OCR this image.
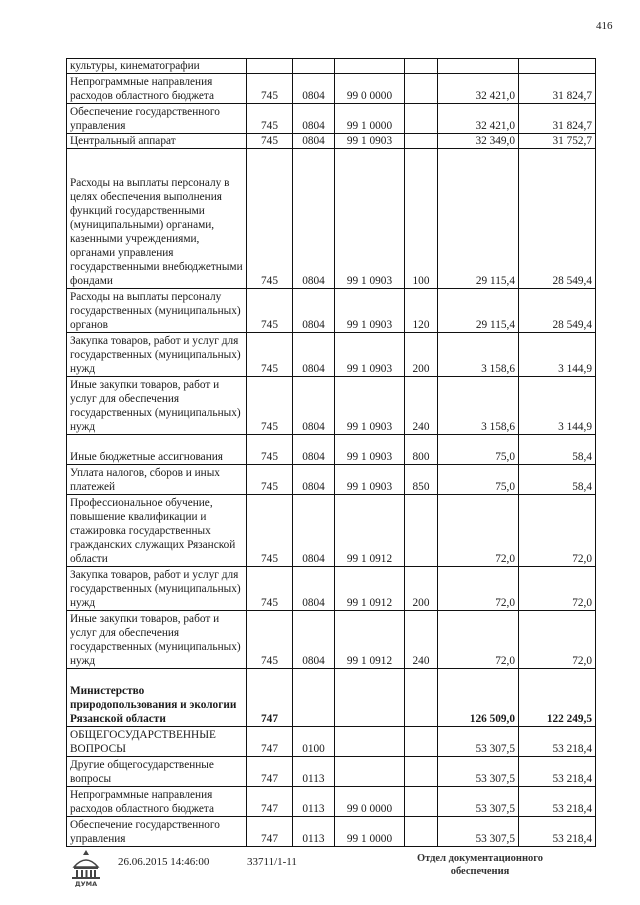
416
культуры, кинематографии						
Непрограммные направления расходов областного бюджета	745	0804	99 0 0000		32 421,0	31 824,7
Обеспечение государственного управления	745	0804	99 1 0000		32 421,0	31 824,7
Центральный аппарат	745	0804	99 1 0903		32 349,0	31 752,7
Расходы на выплаты персоналу в целях обеспечения выполнения функций государственными (муниципальными) органами, казенными учреждениями, органами управления государственными внебюджетными фондами	745	0804	99 1 0903	100	29 115,4	28 549,4
Расходы на выплаты персоналу государственных (муниципальных) органов	745	0804	99 1 0903	120	29 115,4	28 549,4
Закупка товаров, работ и услуг для государственных (муниципальных) нужд	745	0804	99 1 0903	200	3 158,6	3 144,9
Иные закупки товаров, работ и услуг для обеспечения государственных (муниципальных) нужд	745	0804	99 1 0903	240	3 158,6	3 144,9
Иные бюджетные ассигнования	745	0804	99 1 0903	800	75,0	58,4
Уплата налогов, сборов и иных платежей	745	0804	99 1 0903	850	75,0	58,4
Профессиональное обучение, повышение квалификации и стажировка государственных гражданских служащих Рязанской области	745	0804	99 1 0912		72,0	72,0
Закупка товаров, работ и услуг для государственных (муниципальных) нужд	745	0804	99 1 0912	200	72,0	72,0
Иные закупки товаров, работ и услуг для обеспечения государственных (муниципальных) нужд	745	0804	99 1 0912	240	72,0	72,0
Министерство природопользования и экологии Рязанской области	747				126 509,0	122 249,5
ОБЩЕГОСУДАРСТВЕННЫЕ ВОПРОСЫ	747	0100			53 307,5	53 218,4
Другие общегосударственные вопросы	747	0113			53 307,5	53 218,4
Непрограммные направления расходов областного бюджета	747	0113	99 0 0000		53 307,5	53 218,4
Обеспечение государственного управления	747	0113	99 1 0000		53 307,5	53 218,4
ДУМА
26.06.2015 14:46:00	33711/1-11	Отдел документационного обеспечения
